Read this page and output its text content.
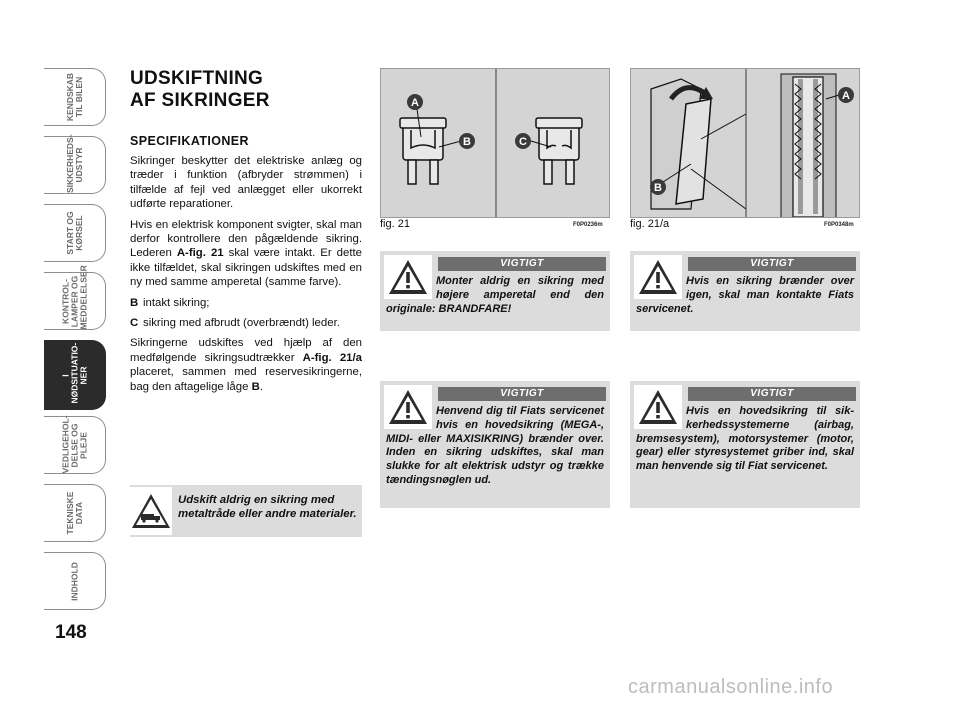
KENDSKAB
TIL BILEN
SIKKERHEDS-
UDSTYR
START OG
KØRSEL
KONTROL-
LAMPER OG
MEDDELELSER
I
NØDSITUATIO-
NER
VEDLIGEHOL-
DELSE OG PLEJE
TEKNISKE
DATA
INDHOLD
148
UDSKIFTNING
AF SIKRINGER
SPECIFIKATIONER

Sikringer beskytter det elektriske anlæg og træder i funktion (afbryder strømmen) i tilfælde af fejl ved anlægget eller ukorrekt udførte reparationer.

Hvis en elektrisk komponent svigter, skal man derfor kontrollere den pågældende sikring. Lederen A-fig. 21 skal være intakt. Er dette ikke tilfældet, skal sikringen udskiftes med en ny med samme amperetal (samme farve).

B intakt sikring;
C sikring med afbrudt (overbrændt) leder.

Sikringerne udskiftes ved hjælp af den medfølgende sikringsudtrækker A-fig. 21/a placeret, sammen med reservesikringerne, bag den aftagelige låge B.

Udskift aldrig en sikring med metaltråde eller andre materialer.
A
B	C
fig. 21	F0P0236m
A
B
fig. 21/a	F0P0348m
VIGTIGT
Monter aldrig en sikring med højere amperetal end den originale: BRANDFARE!
VIGTIGT
Hvis en sikring brænder over igen, skal man kontakte Fiats servicenet.
VIGTIGT
Henvend dig til Fiats servicenet hvis en hovedsikring (MEGA-, MIDI- eller MAXISIKRING) brænder over. Inden en sikring udskiftes, skal man slukke for alt elektrisk udstyr og trække tændingsnøglen ud.
VIGTIGT
Hvis en hovedsikring til sikkerhedssystemerne (airbag, bremsesystem), motorsystemer (motor, gear) eller styresystemet griber ind, skal man henvende sig til Fiat servicenet.
carmanualsonline.info
